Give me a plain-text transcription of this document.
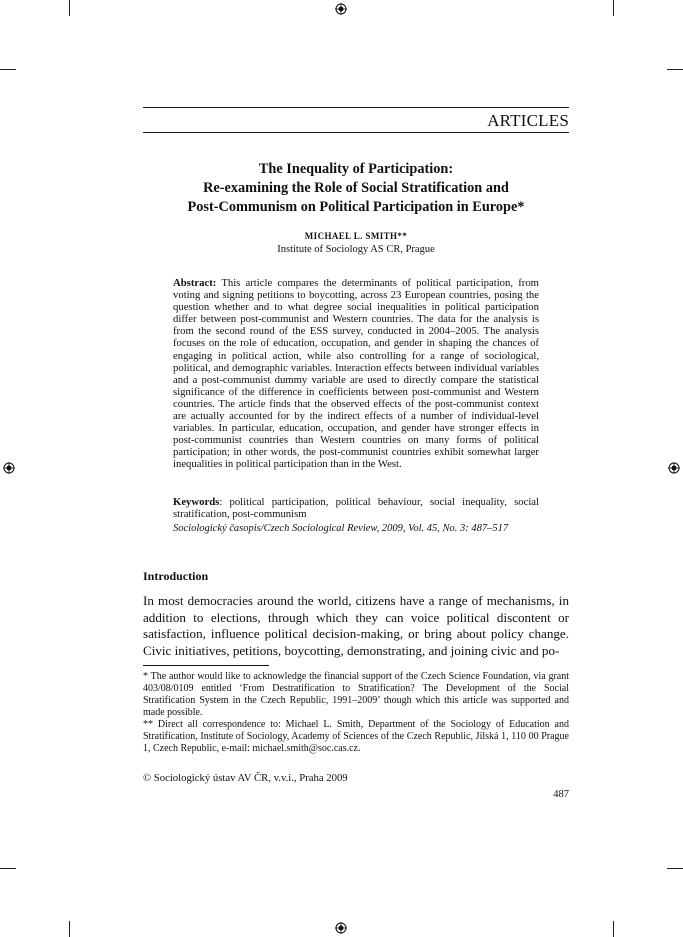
ARTICLES
The Inequality of Participation:
Re-examining the Role of Social Stratification and
Post-Communism on Political Participation in Europe*
MICHAEL L. SMITH**
Institute of Sociology AS CR, Prague
Abstract: This article compares the determinants of political participation, from voting and signing petitions to boycotting, across 23 European countries, posing the question whether and to what degree social inequalities in political participation differ between post-communist and Western countries. The data for the analysis is from the second round of the ESS survey, conducted in 2004–2005. The analysis focuses on the role of education, occupation, and gender in shaping the chances of engaging in political action, while also controlling for a range of sociological, political, and demographic variables. Interaction effects between individual variables and a post-communist dummy variable are used to directly compare the statistical significance of the difference in coefficients between post-communist and Western countries. The article finds that the observed effects of the post-communist context are actually accounted for by the indirect effects of a number of individual-level variables. In particular, education, occupation, and gender have stronger effects in post-communist countries than Western countries on many forms of political participation; in other words, the post-communist countries exhibit somewhat larger inequalities in political participation than in the West.
Keywords: political participation, political behaviour, social inequality, social stratification, post-communism
Sociologický časopis/Czech Sociological Review, 2009, Vol. 45, No. 3: 487–517
Introduction
In most democracies around the world, citizens have a range of mechanisms, in addition to elections, through which they can voice political discontent or satisfaction, influence political decision-making, or bring about policy change. Civic initiatives, petitions, boycotting, demonstrating, and joining civic and po-
* The author would like to acknowledge the financial support of the Czech Science Foundation, via grant 403/08/0109 entitled ‘From Destratification to Stratification? The Development of the Social Stratification System in the Czech Republic, 1991–2009’ though which this article was supported and made possible.
** Direct all correspondence to: Michael L. Smith, Department of the Sociology of Education and Stratification, Institute of Sociology, Academy of Sciences of the Czech Republic, Jilská 1, 110 00 Prague 1, Czech Republic, e-mail: michael.smith@soc.cas.cz.
© Sociologický ústav AV ČR, v.v.i., Praha 2009
487
